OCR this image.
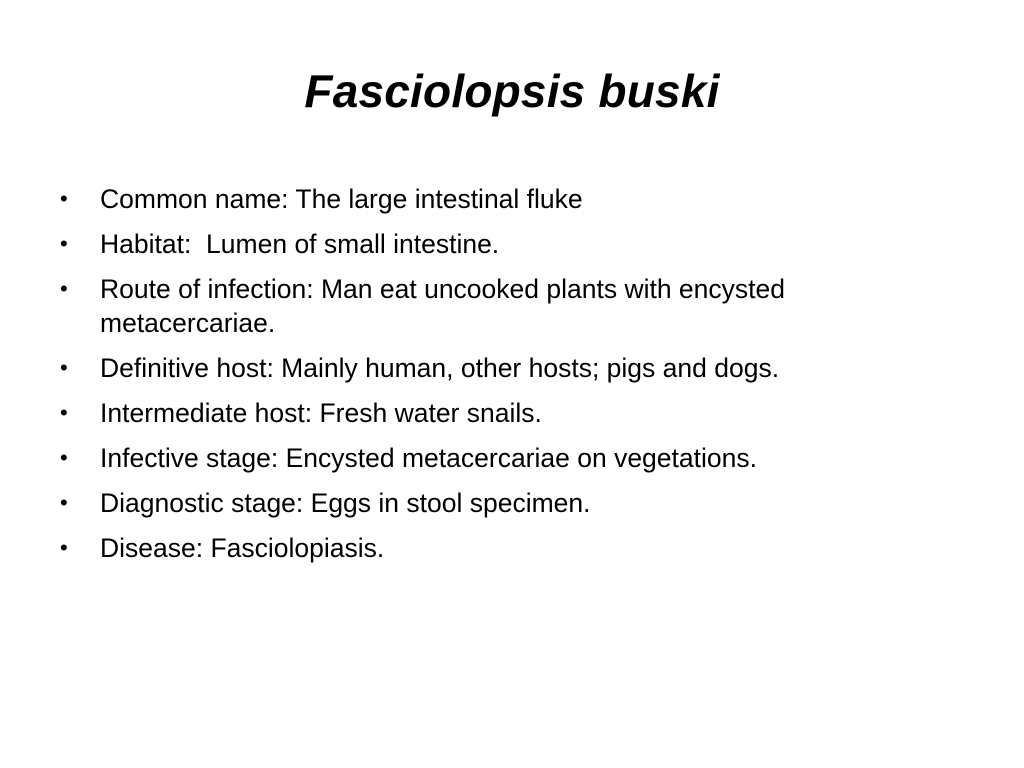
Fasciolopsis buski
• Common name: The large intestinal fluke
• Habitat:  Lumen of small intestine.
• Route of infection: Man eat uncooked plants with encysted metacercariae.
• Definitive host: Mainly human, other hosts; pigs and dogs.
• Intermediate host: Fresh water snails.
• Infective stage: Encysted metacercariae on vegetations.
• Diagnostic stage: Eggs in stool specimen.
• Disease: Fasciolopiasis.
